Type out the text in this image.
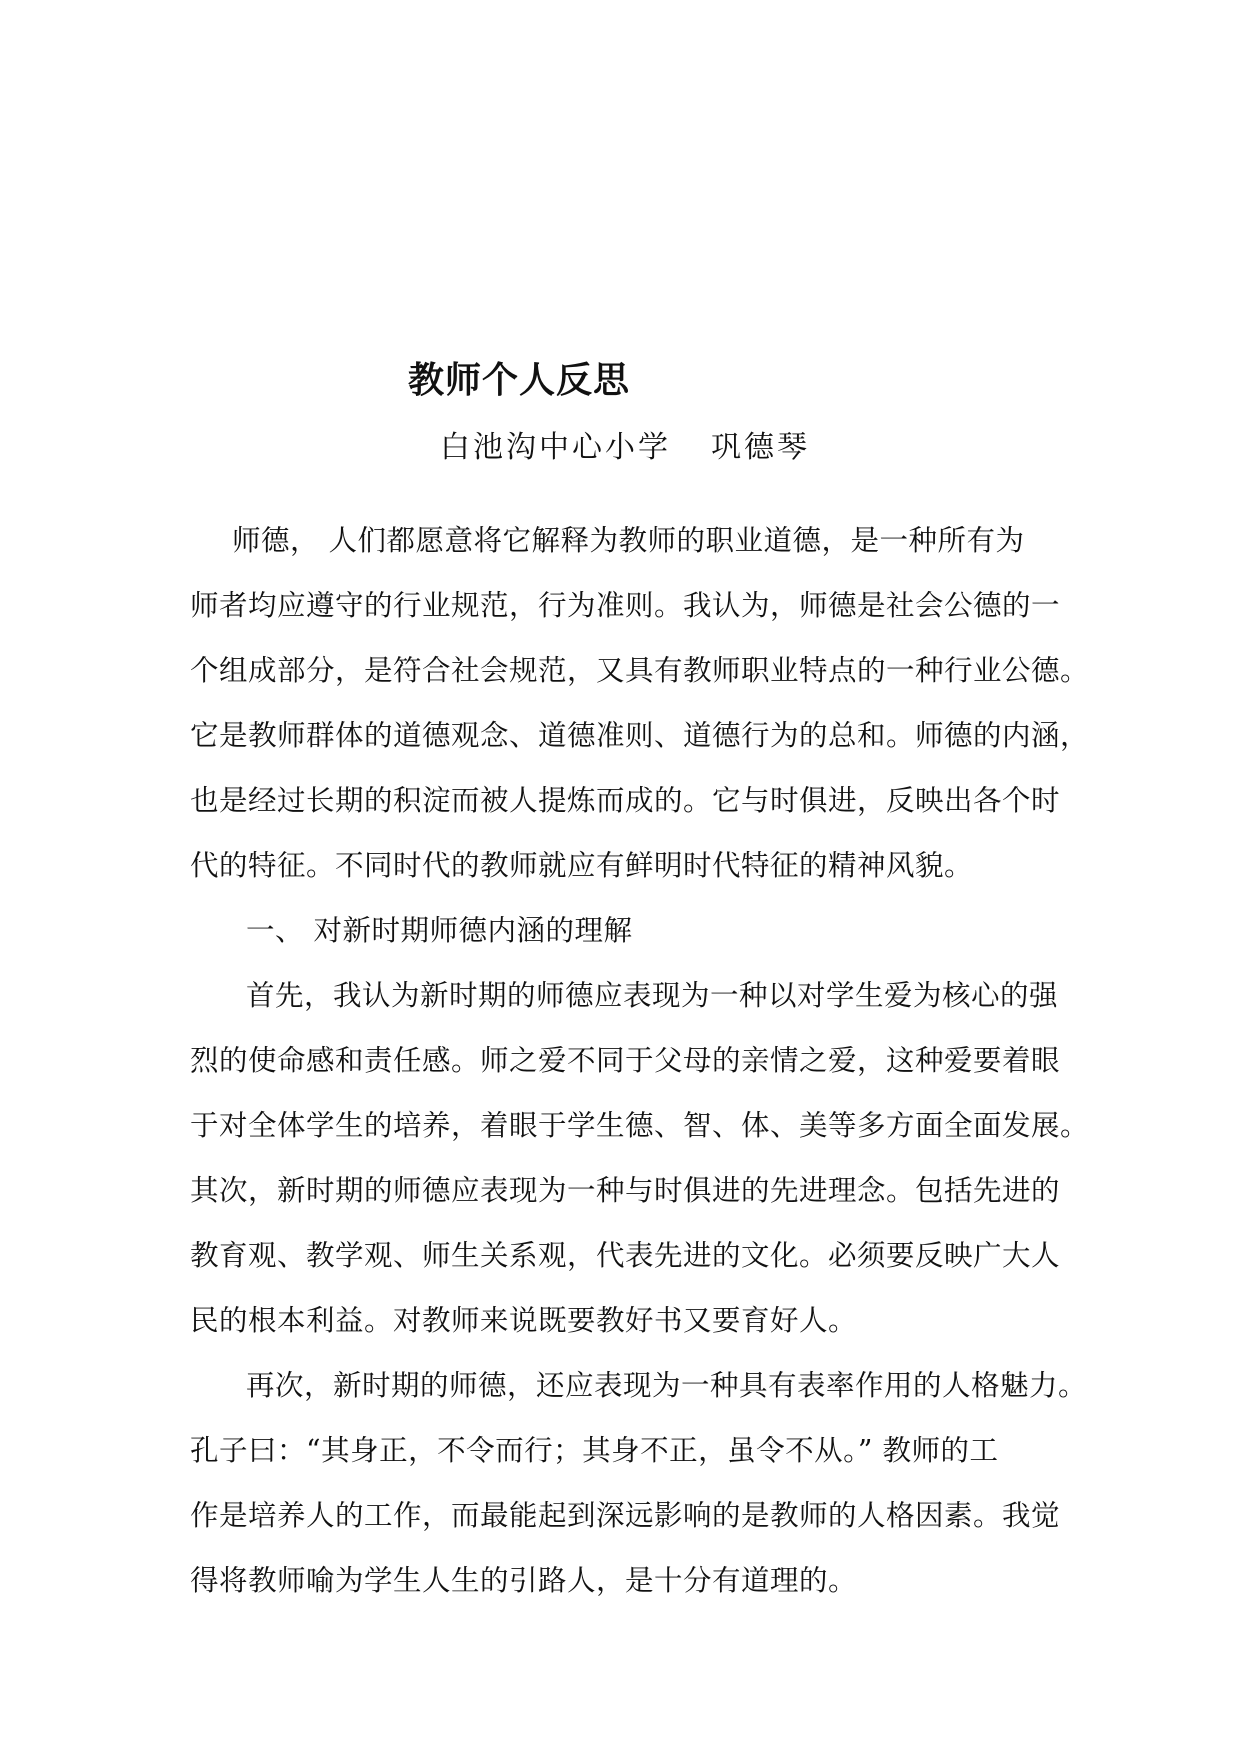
教师个人反思
白池沟中心小学 巩德琴
师德， 人们都愿意将它解释为教师的职业道德，是一种所有为
师者均应遵守的行业规范，行为准则。我认为，师德是社会公德的一
个组成部分，是符合社会规范，又具有教师职业特点的一种行业公德。
它是教师群体的道德观念、道德准则、道德行为的总和。师德的内涵，
也是经过长期的积淀而被人提炼而成的。它与时俱进，反映出各个时
代的特征。不同时代的教师就应有鲜明时代特征的精神风貌。
一、 对新时期师德内涵的理解
首先，我认为新时期的师德应表现为一种以对学生爱为核心的强
烈的使命感和责任感。师之爱不同于父母的亲情之爱，这种爱要着眼
于对全体学生的培养，着眼于学生德、智、体、美等多方面全面发展。
其次，新时期的师德应表现为一种与时俱进的先进理念。包括先进的
教育观、教学观、师生关系观，代表先进的文化。必须要反映广大人
民的根本利益。对教师来说既要教好书又要育好人。
再次，新时期的师德，还应表现为一种具有表率作用的人格魅力。
孔子曰：“其身正，不令而行；其身不正，虽令不从。” 教师的工
作是培养人的工作，而最能起到深远影响的是教师的人格因素。我觉
得将教师喻为学生人生的引路人，是十分有道理的。
